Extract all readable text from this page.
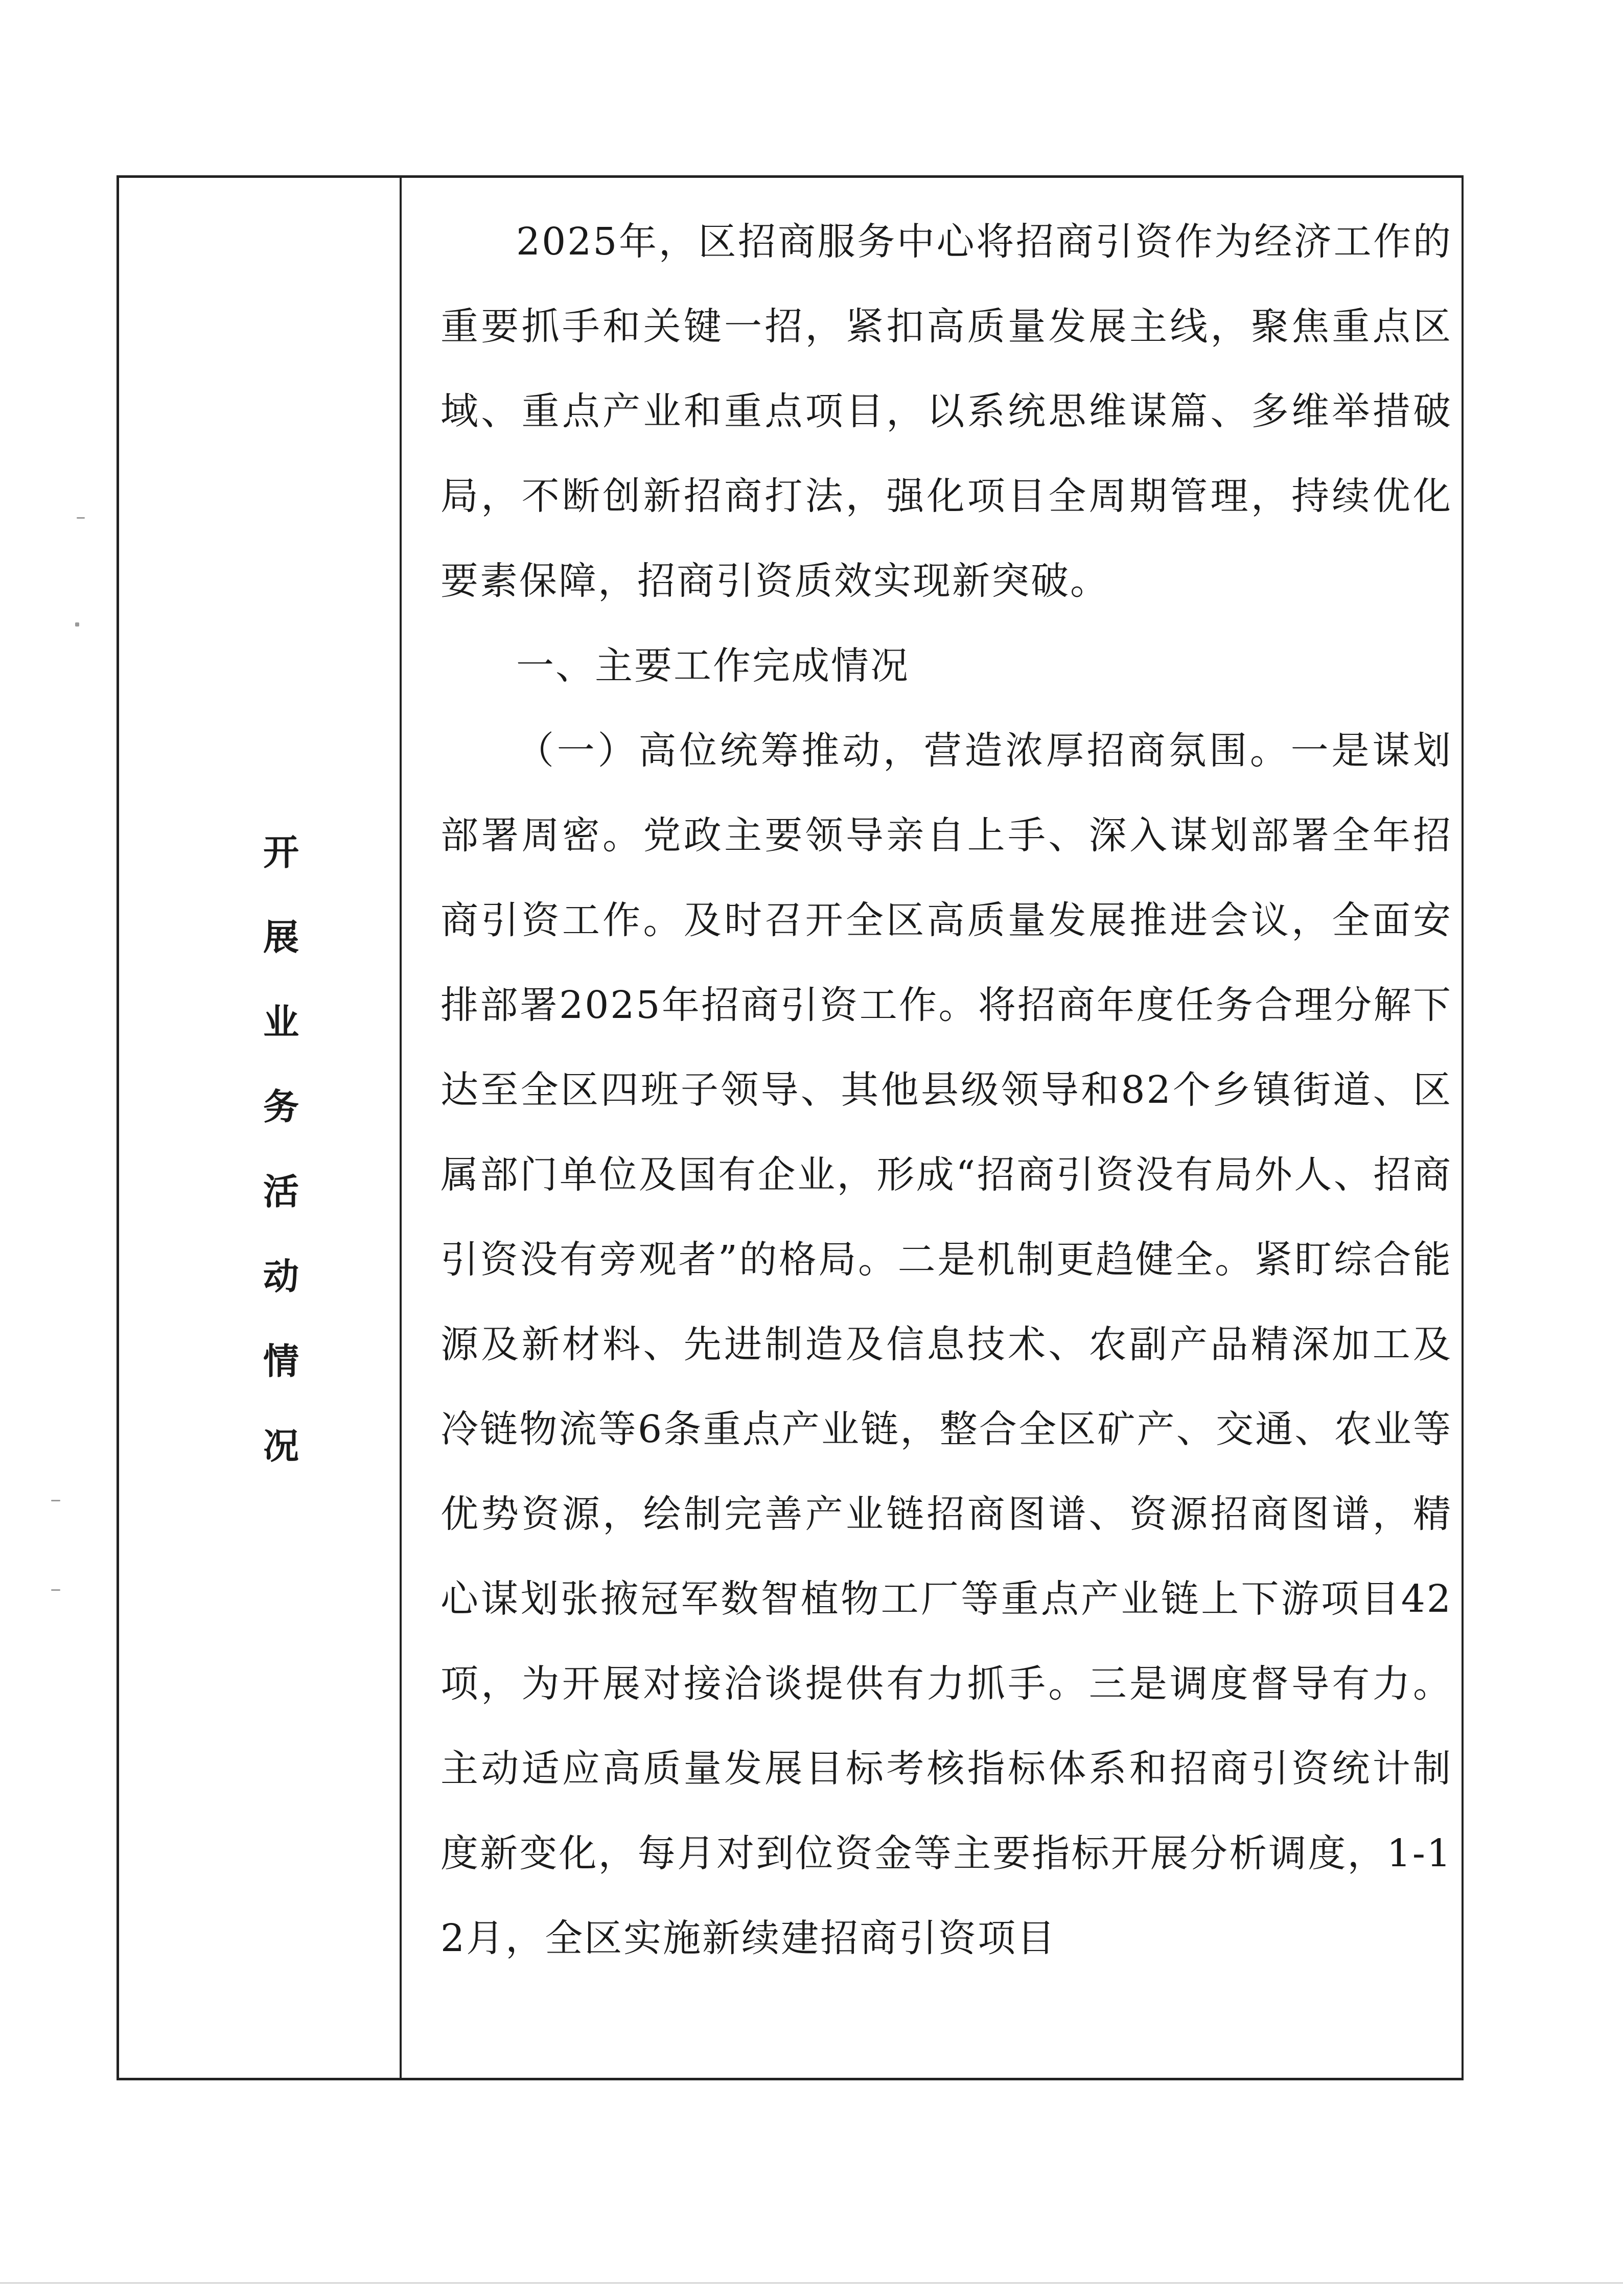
开
展
业
务
活
动
情
况

2025年，区招商服务中心将招商引资作为经济工作的重要抓手和关键一招，紧扣高质量发展主线，聚焦重点区域、重点产业和重点项目，以系统思维谋篇、多维举措破局，不断创新招商打法，强化项目全周期管理，持续优化要素保障，招商引资质效实现新突破。

一、主要工作完成情况

（一）高位统筹推动，营造浓厚招商氛围。一是谋划部署周密。党政主要领导亲自上手、深入谋划部署全年招商引资工作。及时召开全区高质量发展推进会议，全面安排部署2025年招商引资工作。将招商年度任务合理分解下达至全区四班子领导、其他县级领导和82个乡镇街道、区属部门单位及国有企业，形成“招商引资没有局外人、招商引资没有旁观者”的格局。二是机制更趋健全。紧盯综合能源及新材料、先进制造及信息技术、农副产品精深加工及冷链物流等6条重点产业链，整合全区矿产、交通、农业等优势资源，绘制完善产业链招商图谱、资源招商图谱，精心谋划张掖冠军数智植物工厂等重点产业链上下游项目42项，为开展对接洽谈提供有力抓手。三是调度督导有力。主动适应高质量发展目标考核指标体系和招商引资统计制度新变化，每月对到位资金等主要指标开展分析调度，1-12月，全区实施新续建招商引资项目
